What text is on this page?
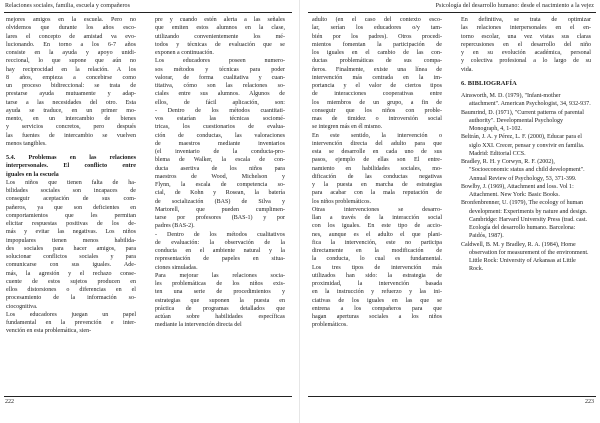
Relaciones sociales, familia, escuela y compañeros
mejores amigos en la escuela. Pero no
olvidemos que durante los años esco-
lares el concepto de amistad va evo-
lucionando. En torno a los 6-7 años
consiste en la ayuda y apoyo unidi-
reccional, lo que supone que aún no
hay reciprocidad en la relación. A los
8 años, empieza a concebirse como
un proceso bidireccional: se trata de
prestarse ayuda mutuamente y adap-
tarse a las necesidades del otro. Esta
ayuda se traduce, en un primer mo-
mento, en un intercambio de bienes
y servicios concretos, pero después
las fuentes de intercambio se vuelven
menos tangibles.
5.4. Problemas en las relaciones
interpersonales. El conflicto entre
iguales en la escuela
Los niños que tienen falta de ha-
bilidades sociales son incapaces de
conseguir aceptación de sus com-
pañeros, ya que son deficientes en
comportamientos que les permitan
elicitar respuestas positivas de los de-
más y evitar las negativas. Los niños
impopulares tienen menos habilida-
des sociales para hacer amigos, para
solucionar conflictos sociales y para
comunicarse con sus iguales. Ade-
más, la agresión y el rechazo conse-
cuente de estos sujetos producen en
ellos distorsiones o diferencias en el
procesamiento de la información so-
ciocognitiva.
Los educadores juegan un papel
fundamental en la prevención e inter-
vención en esta problemática, sien-
pre y cuando estén alerta a las señales
que emiten estos alumnos en la clase,
utilizando convenientemente los mé-
todos y técnicas de evaluación que se
exponen a continuación.
Los educadores poseen numero-
sos métodos y técnicas para poder
valorar, de forma cualitativa y cuan-
titativa, cómo son las relaciones so-
ciales entre sus alumnos. Algunos de
ellos, de fácil aplicación, son:
- Dentro de los métodos cuantitati-
vos estarían las técnicas sociomé-
tricas, los cuestionarios de evalua-
ción de conductas, las valoraciones
de maestros mediante inventarios
(el inventario de la conducta-pro-
blema de Walker, la escala de con-
ducta asertiva de los niños para
maestros de Wood, Michelson y
Flynn, la escala de competencia so-
cial, de Kohn y Rosean, la batería
de socialización (BAS) de Silva y
Martorell, que pueden cumplimen-
tarse por profesores (BAS-1) y por
padres (BAS-2).
- Dentro de los métodos cualitativos
de evaluación: la observación de la
conducta en el ambiente natural y la
representación de papeles en situa-
ciones simuladas.
Para mejorar las relaciones socia-
les problemáticas de los niños exis-
ten una serie de procedimientos y
estrategias que suponen la puesta en
práctica de programas detallados que
actúan sobre habilidades específicas
mediante la intervención directa del
222
Psicología del desarrollo humano: desde el nacimiento a la vejez
adulto (en el caso del contexto esco-
lar, serían los educadores o/y tam-
bién por los padres). Otros procedi-
mientos fomentan la participación de
los iguales en el cambio de las con-
ductas problemáticas de sus compa-
ñeros. Finalmente, existe una línea de
intervención más centrada en la im-
portancia y el valor de ciertos tipos
de interacciones cooperativas entre
los miembros de un grupo, a fin de
conseguir que los niños con proble-
mas de timidez o introversión social
se integren más en él mismo.
En este sentido, la intervención o
intervención directa del adulto para que
esta se desarrolle en cada uno de sus
pasos, ejemplo de ellas son El entre-
namiento en habilidades sociales, mo-
dificación de las conductas negativas
y la puesta en marcha de estrategias
para acabar con la mala reputación de
los niños problemáticos.
Otras intervenciones se desarro-
llan a través de la interacción social
con los iguales. En este tipo de accio-
nes, aunque es el adulto el que plani-
fica la intervención, este no participa
directamente en la modificación de
la conducta, lo cual es fundamental.
Los tres tipos de intervención más
utilizados han sido: la estrategia de
proximidad, la intervención basada
en la instrucción y refuerzo y las ini-
ciativas de los iguales en las que se
entrena a los compañeros para que
hagan aperturas sociales a los niños
problemáticos.
En definitiva, se trata de optimizar
las relaciones interpersonales en el en-
torno escolar, una vez vistas sus claras
repercusiones en el desarrollo del niño
y en su evolución académica, personal
y colectiva profesional a lo largo de su
vida.

6. BIBLIOGRAFÍA

Ainsworth, M. D. (1979), "Infant-mother attachment". American Psychologist, 34, 932-937.

Baumrind, D. (1971), "Current patterns of parental authority". Developmental Psychology Monograph, 4, 1-102.

Beltrán, J. A. y Pérez, L. F. (2000), Educar para el siglo XXI. Crecer, pensar y convivir en familia. Madrid: Editorial CCS.

Bradley, R. H. y Corwyn, R. F. (2002), "Socioeconomic status and child development". Annual Review of Psychology, 53, 371-399.

Bowlby, J. (1969), Attachment and loss. Vol 1: Attachment. New York: Basic Books.

Bronfenbrenner, U. (1979), The ecology of human development: Experiments by nature and design. Cambridge: Harvard University Press (trad. cast. Ecología del desarrollo humano. Barcelona: Paidós, 1987).

Caldwell, B. M. y Bradley, R. A. (1984), Home observation for measurement of the environment. Little Rock: University of Arkansas at Little Rock.

223
